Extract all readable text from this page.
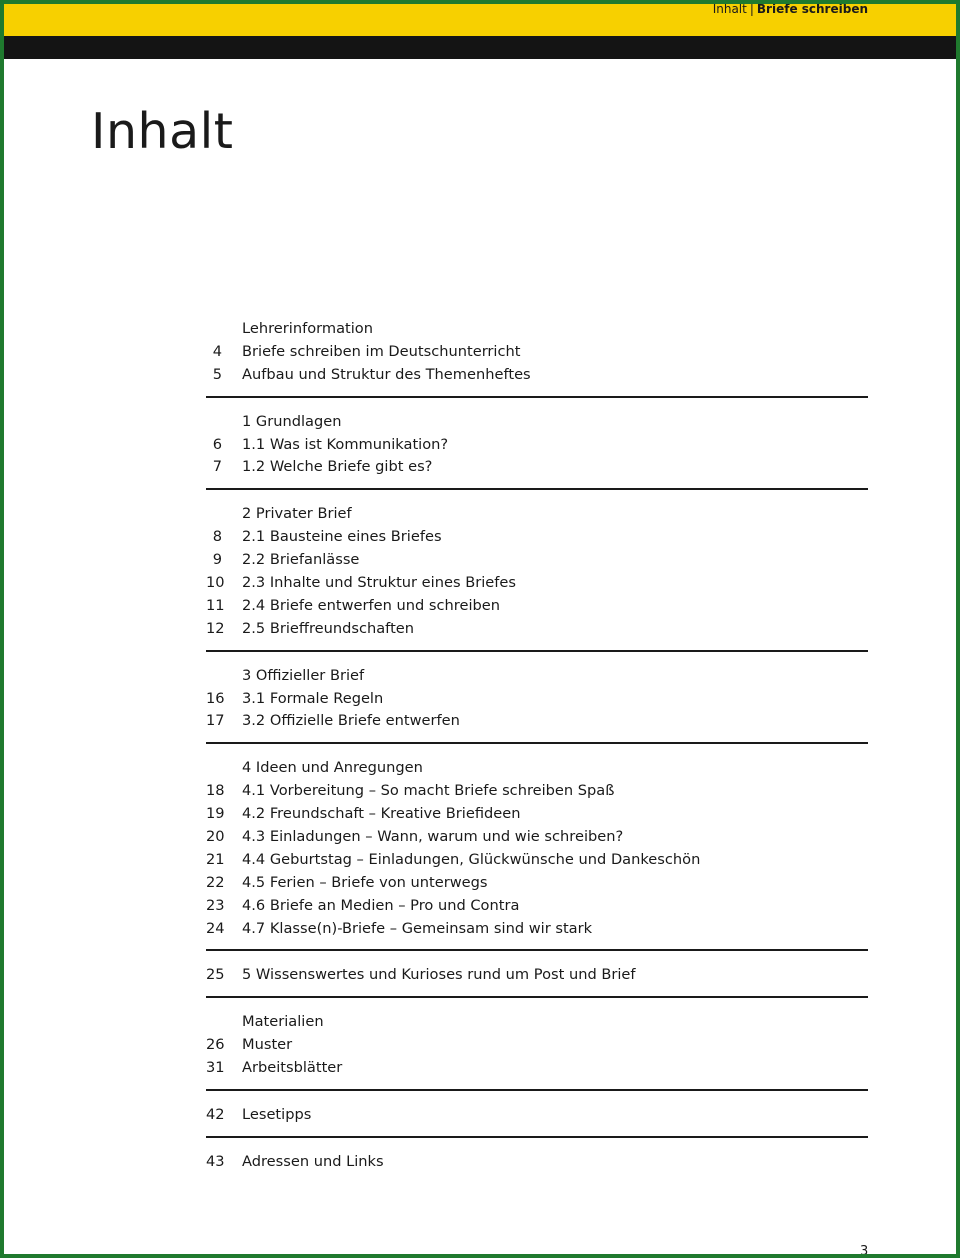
Inhalt | Briefe schreiben
Inhalt
Lehrerinformation
4 Briefe schreiben im Deutschunterricht
5 Aufbau und Struktur des Themenheftes
1 Grundlagen
6 1.1 Was ist Kommunikation?
7 1.2 Welche Briefe gibt es?
2 Privater Brief
8 2.1 Bausteine eines Briefes
9 2.2 Briefanlässe
10 2.3 Inhalte und Struktur eines Briefes
11 2.4 Briefe entwerfen und schreiben
12 2.5 Brieffreundschaften
3 Offizieller Brief
16 3.1 Formale Regeln
17 3.2 Offizielle Briefe entwerfen
4 Ideen und Anregungen
18 4.1 Vorbereitung – So macht Briefe schreiben Spaß
19 4.2 Freundschaft – Kreative Briefideen
20 4.3 Einladungen – Wann, warum und wie schreiben?
21 4.4 Geburtstag – Einladungen, Glückwünsche und Dankeschön
22 4.5 Ferien – Briefe von unterwegs
23 4.6 Briefe an Medien – Pro und Contra
24 4.7 Klasse(n)-Briefe – Gemeinsam sind wir stark
25 5 Wissenswertes und Kurioses rund um Post und Brief
Materialien
26 Muster
31 Arbeitsblätter
42 Lesetipps
43 Adressen und Links
3
